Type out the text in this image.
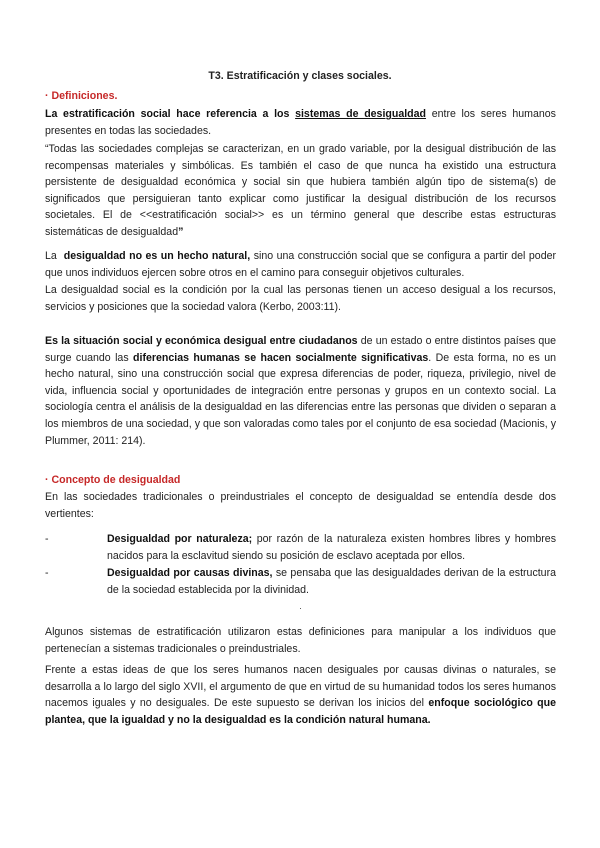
T3. Estratificación y clases sociales.
· Definiciones.
La estratificación social hace referencia a los sistemas de desigualdad entre los seres humanos presentes en todas las sociedades.
“Todas las sociedades complejas se caracterizan, en un grado variable, por la desigual distribución de las recompensas materiales y simbólicas. Es también el caso de que nunca ha existido una estructura persistente de desigualdad económica y social sin que hubiera también algún tipo de sistema(s) de significados que persiguieran tanto explicar como justificar la desigual distribución de los recursos societales. El de <<estratificación social>> es un término general que describe estas estructuras sistemáticas de desigualdad”
La desigualdad no es un hecho natural, sino una construcción social que se configura a partir del poder que unos individuos ejercen sobre otros en el camino para conseguir objetivos culturales.
La desigualdad social es la condición por la cual las personas tienen un acceso desigual a los recursos, servicios y posiciones que la sociedad valora (Kerbo, 2003:11).
Es la situación social y económica desigual entre ciudadanos de un estado o entre distintos países que surge cuando las diferencias humanas se hacen socialmente significativas. De esta forma, no es un hecho natural, sino una construcción social que expresa diferencias de poder, riqueza, privilegio, nivel de vida, influencia social y oportunidades de integración entre personas y grupos en un contexto social. La sociología centra el análisis de la desigualdad en las diferencias entre las personas que dividen o separan a los miembros de una sociedad, y que son valoradas como tales por el conjunto de esa sociedad (Macionis, y Plummer, 2011: 214).
· Concepto de desigualdad
En las sociedades tradicionales o preindustriales el concepto de desigualdad se entendía desde dos vertientes:
-	Desigualdad por naturaleza; por razón de la naturaleza existen hombres libres y hombres nacidos para la esclavitud siendo su posición de esclavo aceptada por ellos.
-	Desigualdad por causas divinas, se pensaba que las desigualdades derivan de la estructura de la sociedad establecida por la divinidad.
·
Algunos sistemas de estratificación utilizaron estas definiciones para manipular a los individuos que pertenecían a sistemas tradicionales o preindustriales.
Frente a estas ideas de que los seres humanos nacen desiguales por causas divinas o naturales, se desarrolla a lo largo del siglo XVII, el argumento de que en virtud de su humanidad todos los seres humanos nacemos iguales y no desiguales. De este supuesto se derivan los inicios del enfoque sociológico que plantea, que la igualdad y no la desigualdad es la condición natural humana.
